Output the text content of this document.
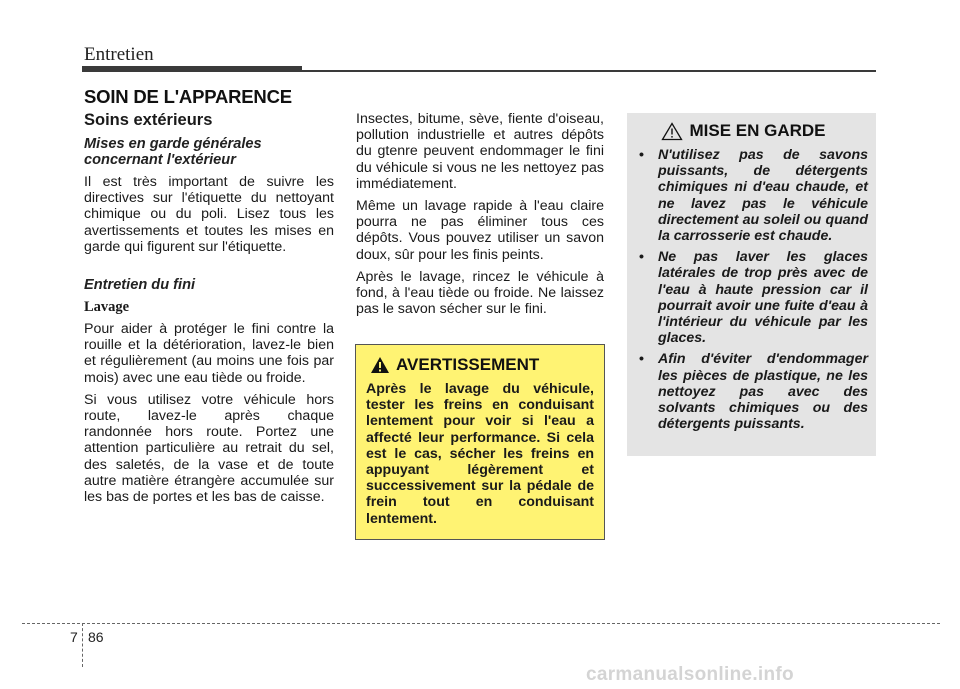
Entretien
SOIN DE L'APPARENCE
Soins extérieurs
Mises en garde générales concernant l'extérieur

Il est très important de suivre les directives sur l'étiquette du nettoyant chimique ou du poli. Lisez tous les avertissements et toutes les mises en garde qui figurent sur l'étiquette.

Entretien du fini
Lavage

Pour aider à protéger le fini contre la rouille et la détérioration, lavez-le bien et régulièrement (au moins une fois par mois) avec une eau tiède ou froide.

Si vous utilisez votre véhicule hors route, lavez-le après chaque randonnée hors route. Portez une attention particulière au retrait du sel, des saletés, de la vase et de toute autre matière étrangère accumulée sur les bas de portes et les bas de caisse.

Insectes, bitume, sève, fiente d'oiseau, pollution industrielle et autres dépôts du gtenre peuvent endommager le fini du véhicule si vous ne les nettoyez pas immédiatement.

Même un lavage rapide à l'eau claire pourra ne pas éliminer tous ces dépôts. Vous pouvez utiliser un savon doux, sûr pour les finis peints.

Après le lavage, rincez le véhicule à fond, à l'eau tiède ou froide. Ne laissez pas le savon sécher sur le fini.

AVERTISSEMENT
Après le lavage du véhicule, tester les freins en conduisant lentement pour voir si l'eau a affecté leur performance. Si cela est le cas, sécher les freins en appuyant légèrement et successivement sur la pédale de frein tout en conduisant lentement.
MISE EN GARDE
• N'utilisez pas de savons puissants, de détergents chimiques ni d'eau chaude, et ne lavez pas le véhicule directement au soleil ou quand la carrosserie est chaude.
• Ne pas laver les glaces latérales de trop près avec de l'eau à haute pression car il pourrait avoir une fuite d'eau à l'intérieur du véhicule par les glaces.
• Afin d'éviter d'endommager les pièces de plastique, ne les nettoyez pas avec des solvants chimiques ou des détergents puissants.
7 86
carmanualsonline.info
